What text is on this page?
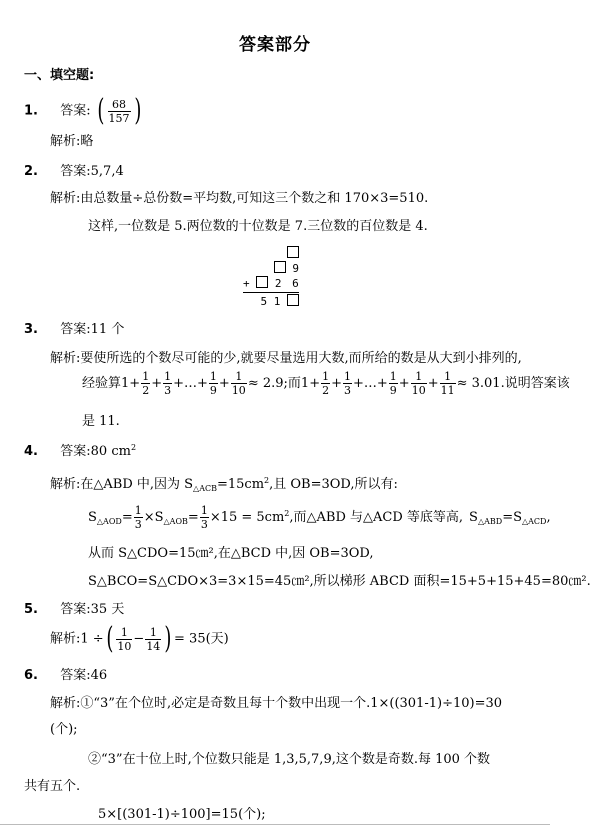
答案部分
一、填空题:
1. 答案: ( $\frac{68}{157}$ )
解析:略
2. 答案:5,7,4
解析:由总数量÷总份数=平均数,可知这三个数之和 170×3=510.
这样,一位数是 5.两位数的十位数是 7.三位数的百位数是 4.
9
+  2 6
5 1
3. 答案:11 个
解析:要使所选的个数尽可能的少,就要尽量选用大数,而所给的数是从大到小排列的,
经验算$1+ \frac{1}{2} + \frac{1}{3}$ +…+ $\frac{1}{9} + \frac{1}{10} \approx 2.9$;而$1+ \frac{1}{2} + \frac{1}{3}$ +…+ $\frac{1}{9} + \frac{1}{10} + \frac{1}{11} \approx 3.01$.说明答案该
是 11.
4. 答案:80 $cm^2$
解析:在△ABD 中,因为 $S_{\triangle ACB}=15cm^2$,且 OB=3OD,所以有:
$S_{\triangle AOD}= \frac{1}{3} \times S_{\triangle AOB}= \frac{1}{3} \times 15 = 5cm^2$,而△ABD 与△ACD 等底等高, $S_{\triangle ABD}=S_{\triangle ACD}$,
从而 S△CDO=15㎝²,在△BCD 中,因 OB=3OD,
S△BCO=S△CDO×3=3×15=45㎝²,所以梯形 ABCD 面积=15+5+15+45=80㎝².
5. 答案:35 天
解析:1 ÷( $\frac{1}{10} - \frac{1}{14}$ ) = 35(天)
6. 答案:46
解析:①“3”在个位时,必定是奇数且每十个数中出现一个.1×((301-1)÷10)=30
(个);
②“3”在十位上时,个位数只能是 1,3,5,7,9,这个数是奇数.每 100 个数
共有五个.
5×[(301-1)÷100]=15(个);
